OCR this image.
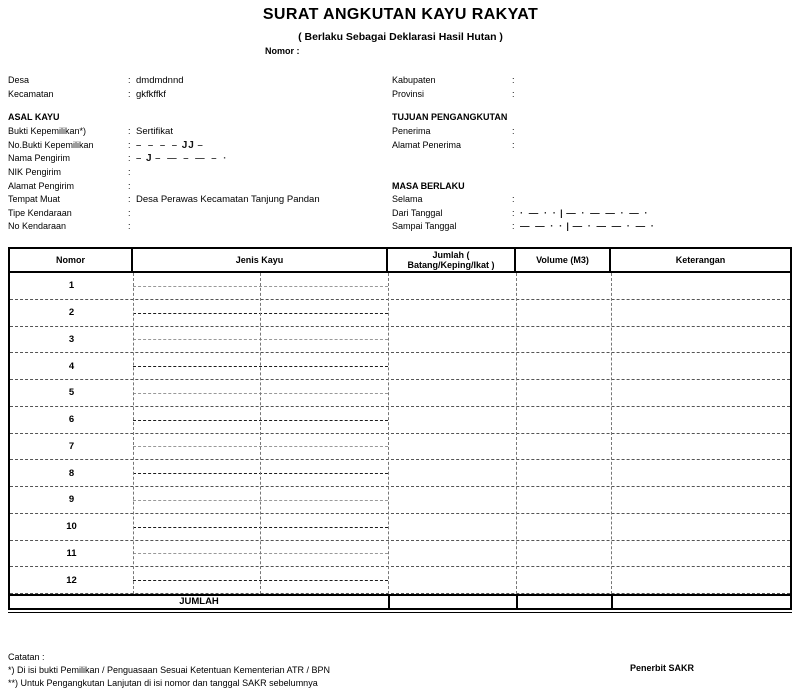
SURAT ANGKUTAN KAYU RAKYAT
( Berlaku Sebagai Deklarasi Hasil Hutan )
Nomor :
Desa	: dmdmdnnd
Kecamatan	: gkfkffkf
ASAL KAYU
Bukti Kepemilikan*)	: Sertifikat
No.Bukti Kepemilikan	: – – – – JJ –
Nama Pengirim	: – J – — – — – ·
NIK Pengirim	:
Alamat Pengirim	:
Tempat Muat	: Desa Perawas Kecamatan Tanjung Pandan
Tipe Kendaraan	:
No Kendaraan	:
Kabupaten	:
Provinsi	:
TUJUAN PENGANGKUTAN
Penerima	:
Alamat Penerima	:
MASA BERLAKU
Selama	:
Dari Tanggal	: · — · · | — · — — · — ·
Sampai Tanggal	: — — · · | — · — — · — ·
Nomor	Jenis Kayu	Jumlah (
Batang/Keping/Ikat )	Volume (M3)	Keterangan
1
2
3
4
5
6
7
8
9
10
11
12
JUMLAH
Catatan :
*) Di isi bukti Pemilikan / Penguasaan Sesuai Ketentuan Kementerian ATR / BPN
**) Untuk Pengangkutan Lanjutan di isi nomor dan tanggal SAKR sebelumnya
Penerbit SAKR
